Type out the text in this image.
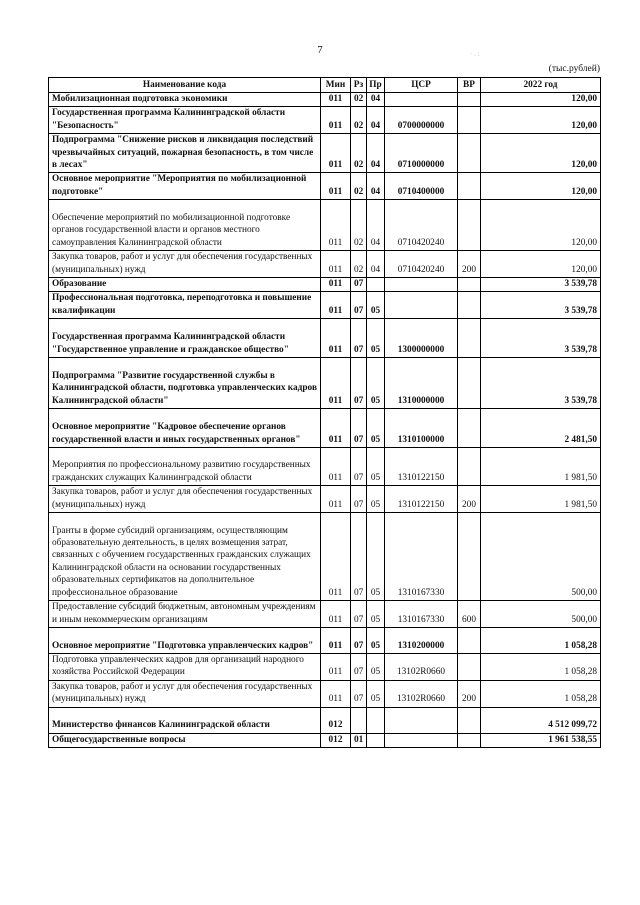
7
(тыс.рублей)
Наименование кода	Мин	Рз	Пр	ЦСР	ВР	2022 год
Мобилизационная подготовка экономики	011	02	04			120,00
Государственная программа Калининградской области "Безопасность"	011	02	04	0700000000		120,00
Подпрограмма "Снижение рисков и ликвидация последствий чрезвычайных ситуаций, пожарная безопасность, в том числе в лесах"	011	02	04	0710000000		120,00
Основное мероприятие "Мероприятия по мобилизационной подготовке"	011	02	04	0710400000		120,00
Обеспечение мероприятий по мобилизационной подготовке органов государственной власти и органов местного самоуправления Калининградской области	011	02	04	0710420240		120,00
Закупка товаров, работ и услуг для обеспечения государственных (муниципальных) нужд	011	02	04	0710420240	200	120,00
Образование	011	07				3 539,78
Профессиональная подготовка, переподготовка и повышение квалификации	011	07	05			3 539,78
Государственная программа Калининградской области "Государственное управление и гражданское общество"	011	07	05	1300000000		3 539,78
Подпрограмма "Развитие государственной службы в Калининградской области, подготовка управленческих кадров Калининградской области"	011	07	05	1310000000		3 539,78
Основное мероприятие "Кадровое обеспечение органов государственной власти и иных государственных органов"	011	07	05	1310100000		2 481,50
Мероприятия по профессиональному развитию государственных гражданских служащих Калининградской области	011	07	05	1310122150		1 981,50
Закупка товаров, работ и услуг для обеспечения государственных (муниципальных) нужд	011	07	05	1310122150	200	1 981,50
Гранты в форме субсидий организациям, осуществляющим образовательную деятельность, в целях возмещения затрат, связанных с обучением государственных гражданских служащих Калининградской области на основании государственных образовательных сертификатов на дополнительное профессиональное образование	011	07	05	1310167330		500,00
Предоставление субсидий бюджетным, автономным учреждениям и иным некоммерческим организациям	011	07	05	1310167330	600	500,00
Основное мероприятие "Подготовка управленческих кадров"	011	07	05	1310200000		1 058,28
Подготовка управленческих кадров для организаций народного хозяйства Российской Федерации	011	07	05	13102R0660		1 058,28
Закупка товаров, работ и услуг для обеспечения государственных (муниципальных) нужд	011	07	05	13102R0660	200	1 058,28
Министерство финансов Калининградской области	012					4 512 099,72
Общегосударственные вопросы	012	01				1 961 538,55
· . :
